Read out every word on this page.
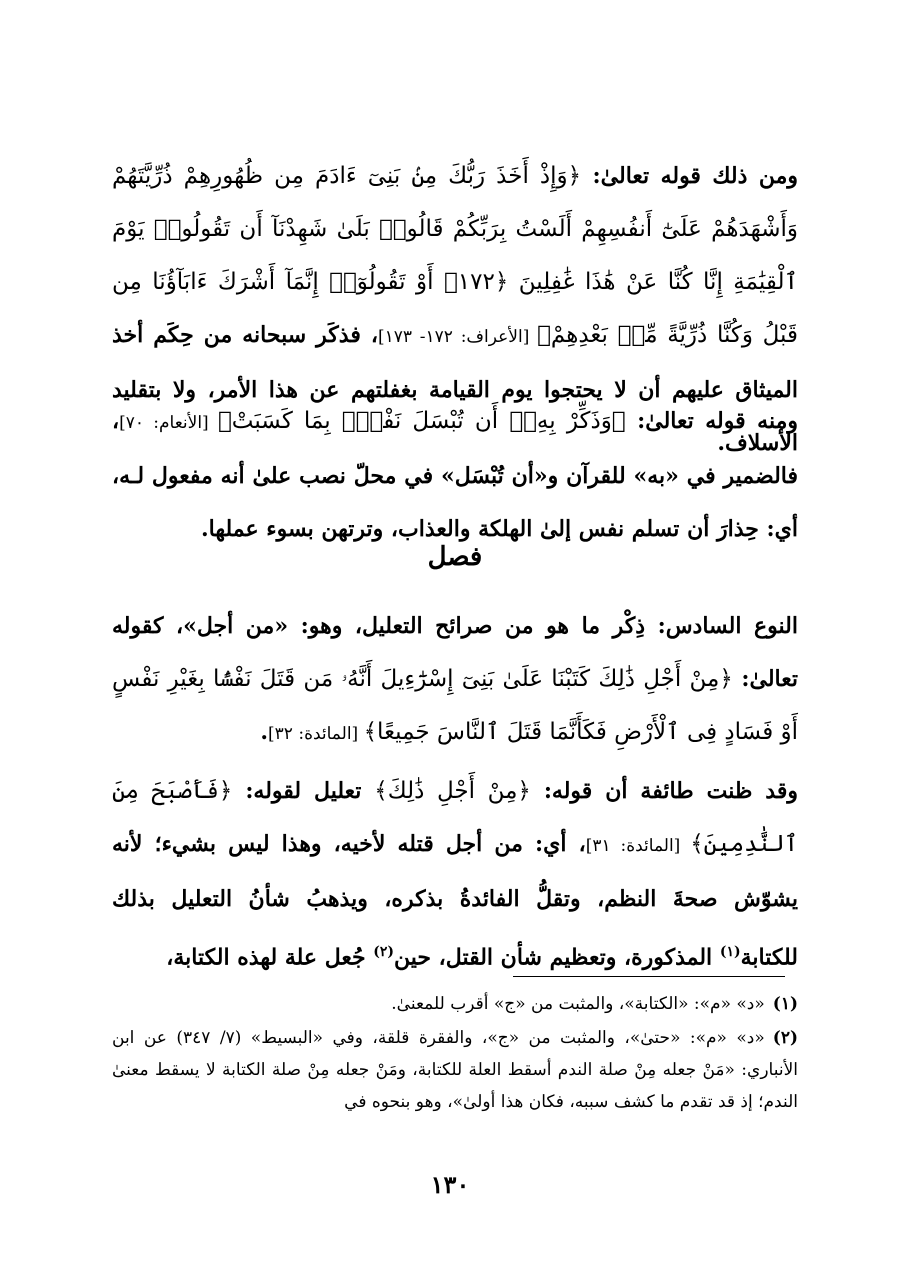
ومن ذلك قوله تعالىٰ: ﴿وَإِذْ أَخَذَ رَبُّكَ مِنۢ بَنِىٓ ءَادَمَ مِن ظُهُورِهِمْ ذُرِّيَّتَهُمْ وَأَشْهَدَهُمْ عَلَىٰٓ أَنفُسِهِمْ أَلَسْتُ بِرَبِّكُمْ قَالُوا۟ بَلَىٰ شَهِدْنَآ أَن تَقُولُوا۟ يَوْمَ ٱلْقِيَٰمَةِ إِنَّا كُنَّا عَنْ هَٰذَا غَٰفِلِينَ ﴿١٧٢﴾ أَوْ تَقُولُوٓا۟ إِنَّمَآ أَشْرَكَ ءَابَآؤُنَا مِن قَبْلُ وَكُنَّا ذُرِّيَّةً مِّنۢ بَعْدِهِمْ﴾ [الأعراف: ١٧٢- ١٧٣]، فذكَر سبحانه من حِكَم أخذ الميثاق عليهم أن لا يحتجوا يوم القيامة بغفلتهم عن هذا الأمر، ولا بتقليد الأسلاف.

ومنه قوله تعالىٰ: ﴿وَذَكِّرْ بِهِۦٓ أَن تُبْسَلَ نَفْسٌۢ بِمَا كَسَبَتْ﴾ [الأنعام: ٧٠]، فالضمير في «به» للقرآن و«أن تُبْسَل» في محلّ نصب علىٰ أنه مفعول لـه، أي: حِذارَ أن تسلم نفس إلىٰ الهلكة والعذاب، وترتهن بسوء عملها.

فصل

النوع السادس: ذِكْر ما هو من صرائح التعليل، وهو: «من أجل»، كقوله تعالىٰ: ﴿مِنْ أَجْلِ ذَٰلِكَ كَتَبْنَا عَلَىٰ بَنِىٓ إِسْرَٰٓءِيلَ أَنَّهُۥ مَن قَتَلَ نَفْسًۢا بِغَيْرِ نَفْسٍ أَوْ فَسَادٍ فِى ٱلْأَرْضِ فَكَأَنَّمَا قَتَلَ ٱلنَّاسَ جَمِيعًا﴾ [المائدة: ٣٢].

وقد ظنت طائفة أن قوله: ﴿مِنْ أَجْلِ ذَٰلِكَ﴾ تعليل لقوله: ﴿فَأَصْبَحَ مِنَ ٱلنَّٰدِمِينَ﴾ [المائدة: ٣١]، أي: من أجل قتله لأخيه، وهذا ليس بشيء؛ لأنه يشوّش صحةَ النظم، وتقلُّ الفائدةُ بذكره، ويذهبُ شأنُ التعليل بذلك للكتابة$^{(١)}$ المذكورة، وتعظيم شأن القتل، حين$^{(٢)}$ جُعل علة لهذه الكتابة،

(١)«د» «م»: «الكتابة»، والمثبت من «ج» أقرب للمعنىٰ.

(٢)«د» «م»: «حتىٰ»، والمثبت من «ج»، والفقرة قلقة، وفي «البسيط» (٧/ ٣٤٧) عن ابن الأنباري: «مَنْ جعله مِنْ صلة الندم أسقط العلة للكتابة، ومَنْ جعله مِنْ صلة الكتابة لا يسقط معنىٰ الندم؛ إذ قد تقدم ما كشف سببه، فكان هذا أولىٰ»، وهو بنحوه في

١٣٠
